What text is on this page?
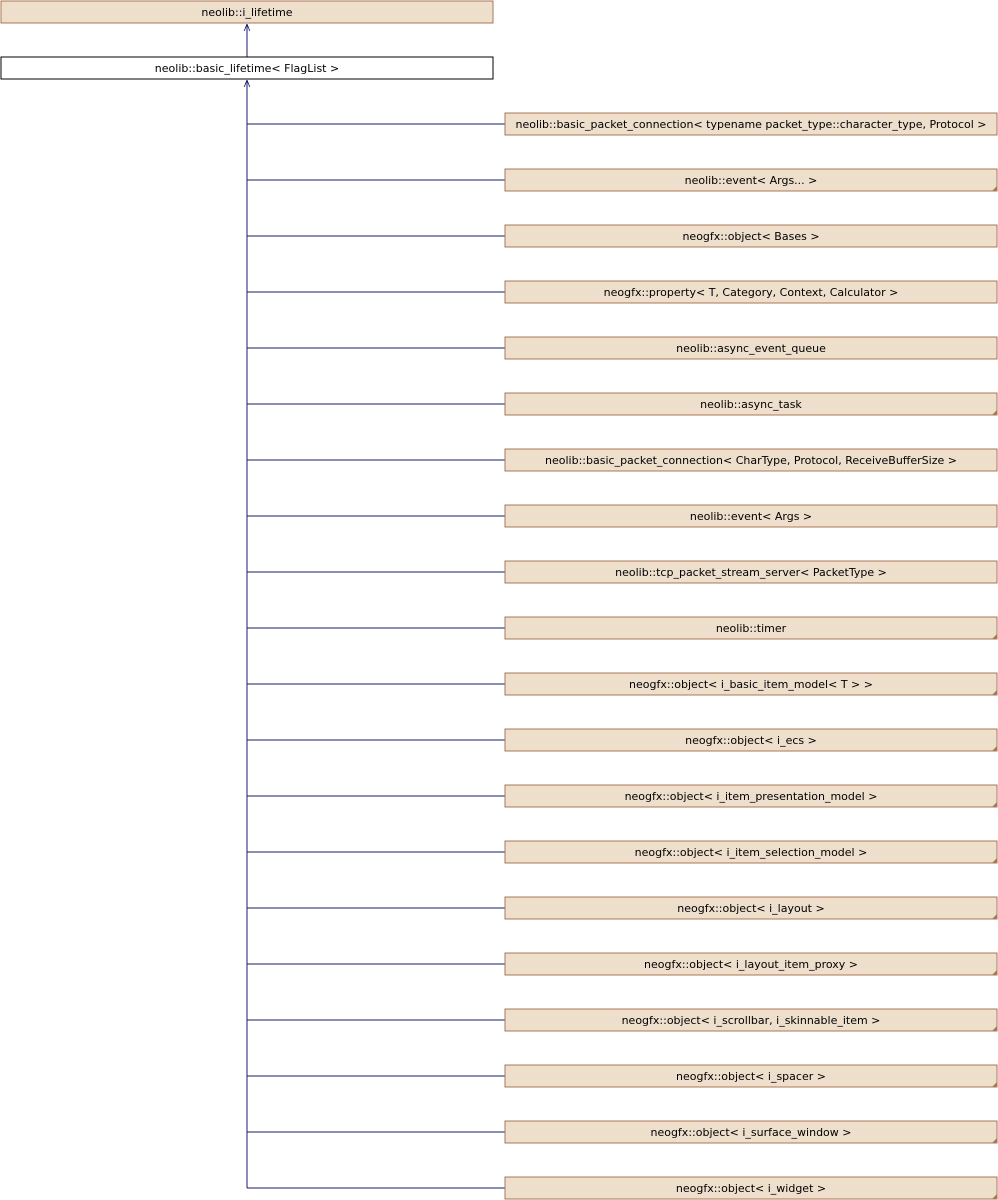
neolib::i_lifetime
neolib::basic_lifetime< FlagList >
neolib::basic_packet_connection< typename packet_type::character_type, Protocol >
neolib::event< Args... >
neogfx::object< Bases >
neogfx::property< T, Category, Context, Calculator >
neolib::async_event_queue
neolib::async_task
neolib::basic_packet_connection< CharType, Protocol, ReceiveBufferSize >
neolib::event< Args >
neolib::tcp_packet_stream_server< PacketType >
neolib::timer
neogfx::object< i_basic_item_model< T > >
neogfx::object< i_ecs >
neogfx::object< i_item_presentation_model >
neogfx::object< i_item_selection_model >
neogfx::object< i_layout >
neogfx::object< i_layout_item_proxy >
neogfx::object< i_scrollbar, i_skinnable_item >
neogfx::object< i_spacer >
neogfx::object< i_surface_window >
neogfx::object< i_widget >
